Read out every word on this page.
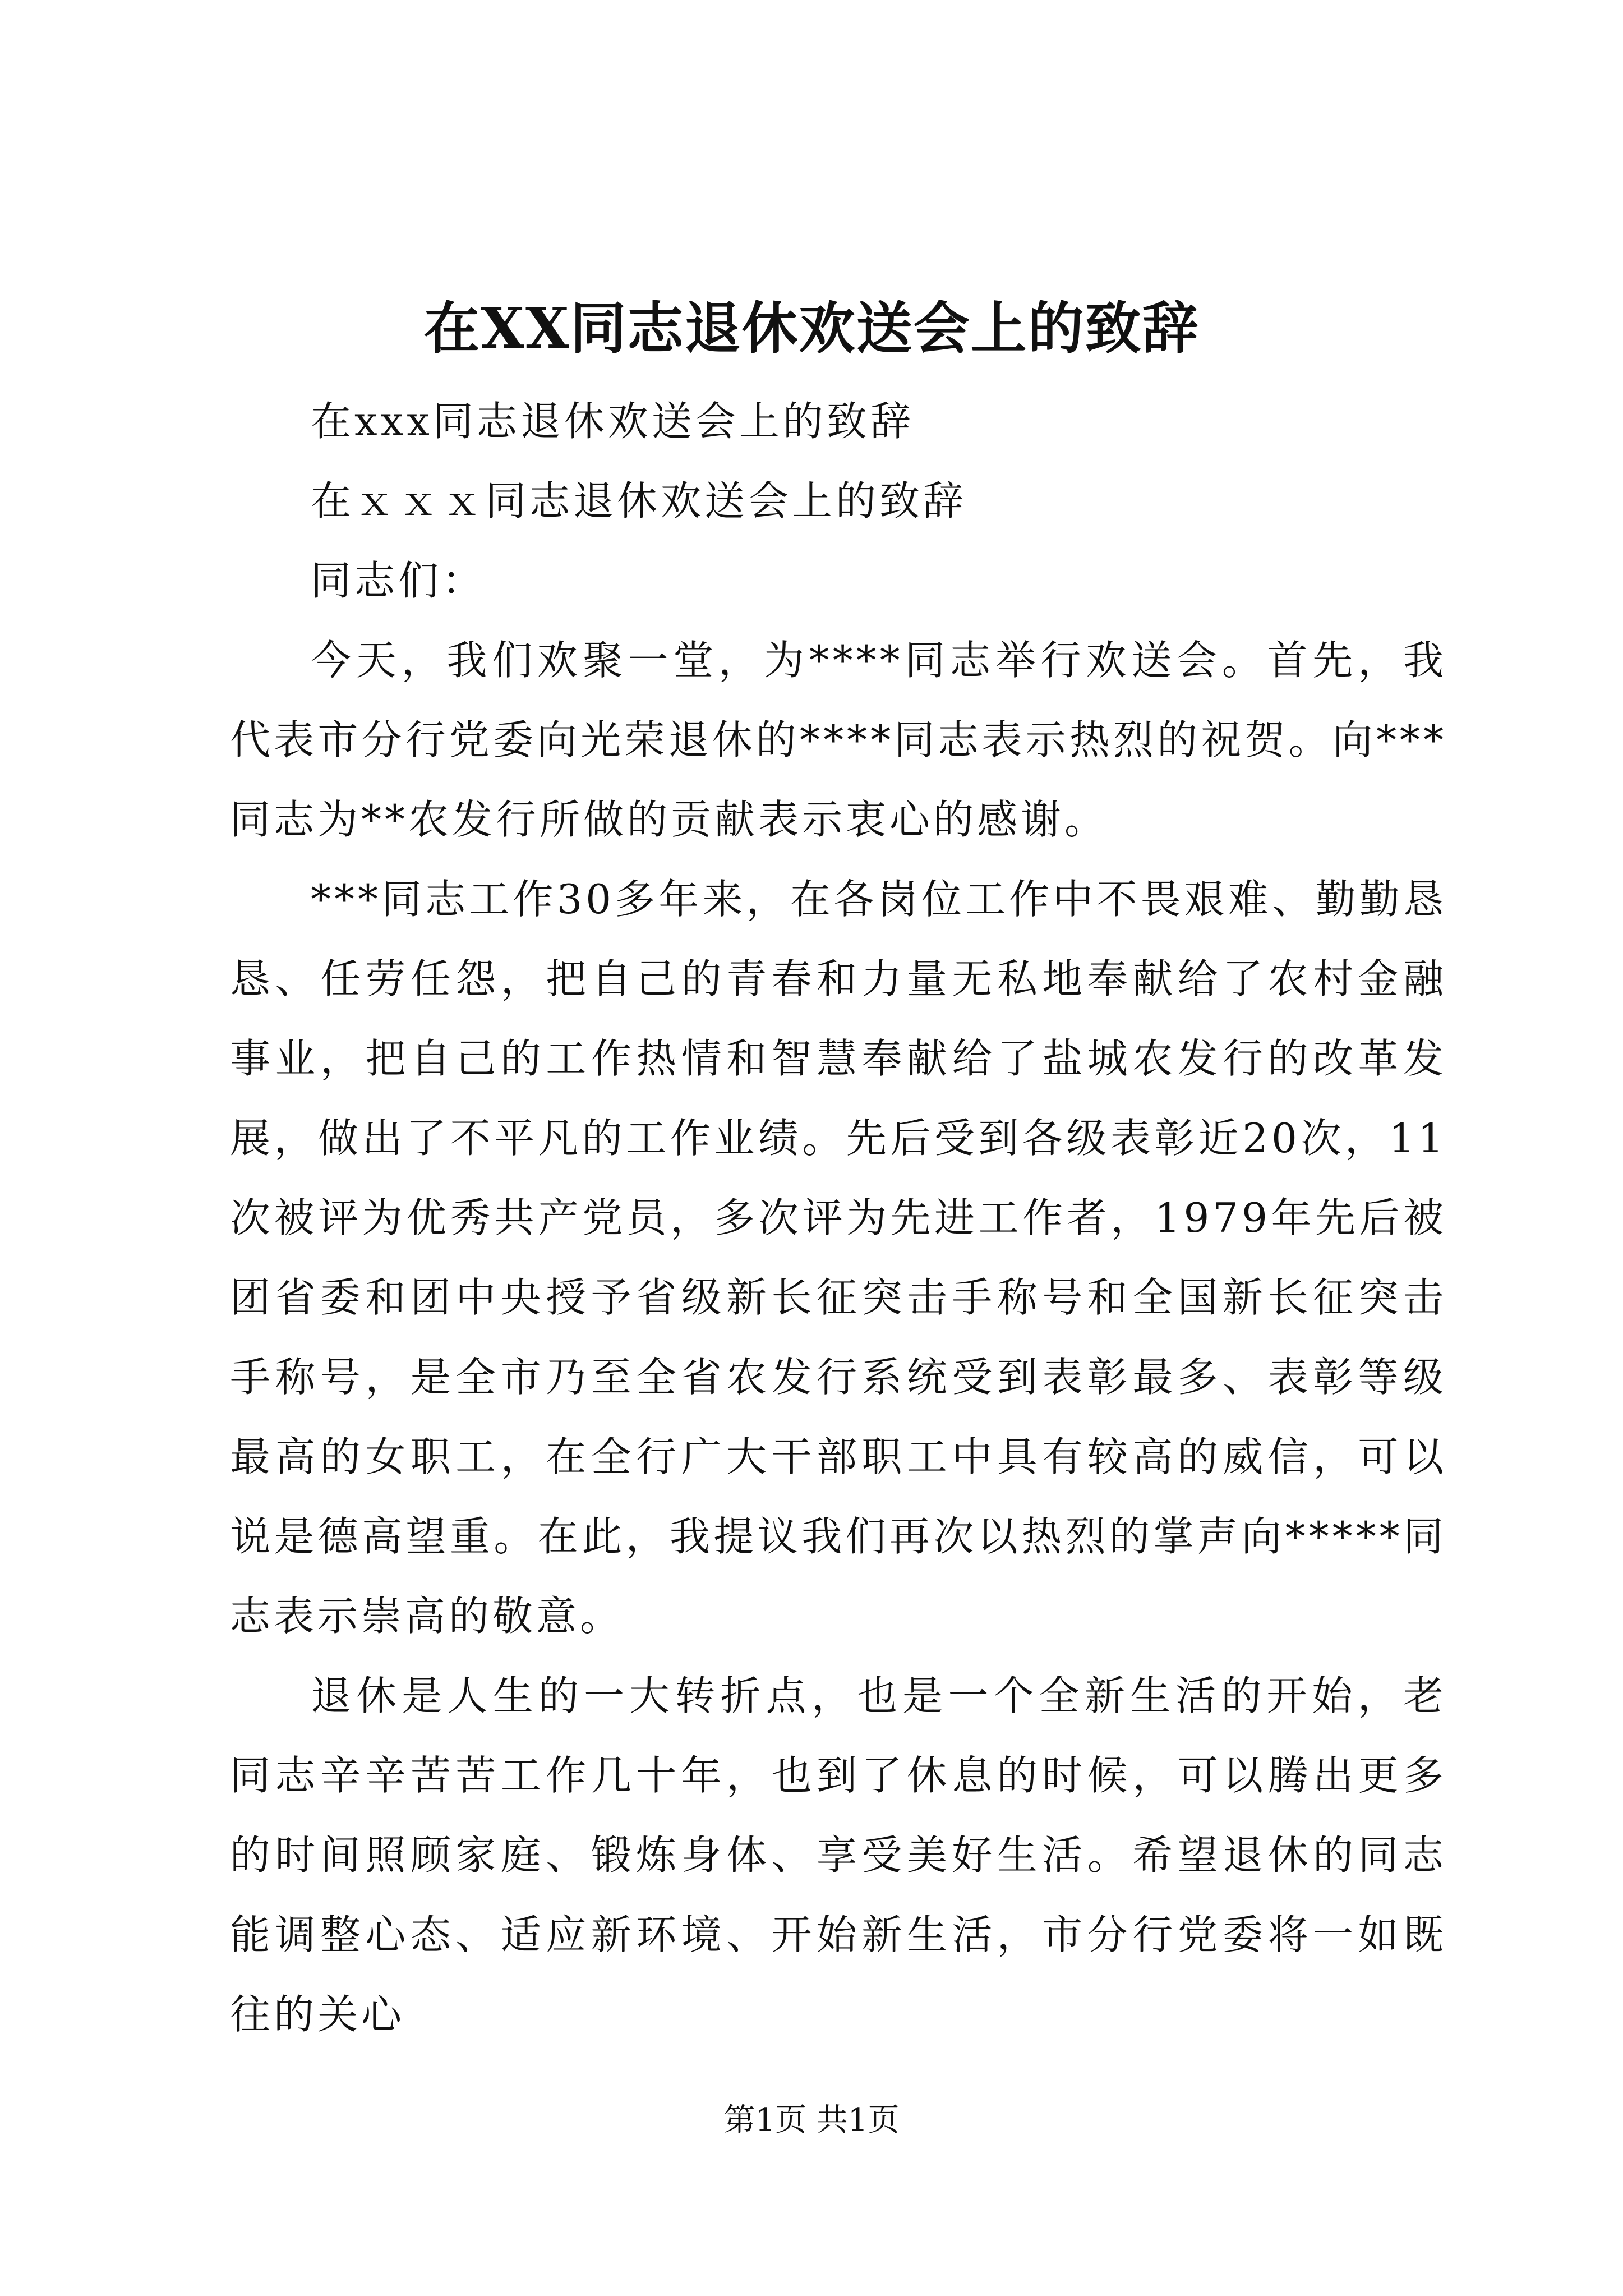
在XX同志退休欢送会上的致辞

在xxx同志退休欢送会上的致辞

在ｘｘｘ同志退休欢送会上的致辞

同志们：

今天，我们欢聚一堂，为****同志举行欢送会。首先，我代表市分行党委向光荣退休的****同志表示热烈的祝贺。向***同志为**农发行所做的贡献表示衷心的感谢。

***同志工作30多年来，在各岗位工作中不畏艰难、勤勤恳恳、任劳任怨，把自己的青春和力量无私地奉献给了农村金融事业，把自己的工作热情和智慧奉献给了盐城农发行的改革发展，做出了不平凡的工作业绩。先后受到各级表彰近20次，11次被评为优秀共产党员，多次评为先进工作者，1979年先后被团省委和团中央授予省级新长征突击手称号和全国新长征突击手称号，是全市乃至全省农发行系统受到表彰最多、表彰等级最高的女职工，在全行广大干部职工中具有较高的威信，可以说是德高望重。在此，我提议我们再次以热烈的掌声向*****同志表示崇高的敬意。

退休是人生的一大转折点，也是一个全新生活的开始，老同志辛辛苦苦工作几十年，也到了休息的时候，可以腾出更多的时间照顾家庭、锻炼身体、享受美好生活。希望退休的同志能调整心态、适应新环境、开始新生活，市分行党委将一如既往的关心

第1页 共1页
